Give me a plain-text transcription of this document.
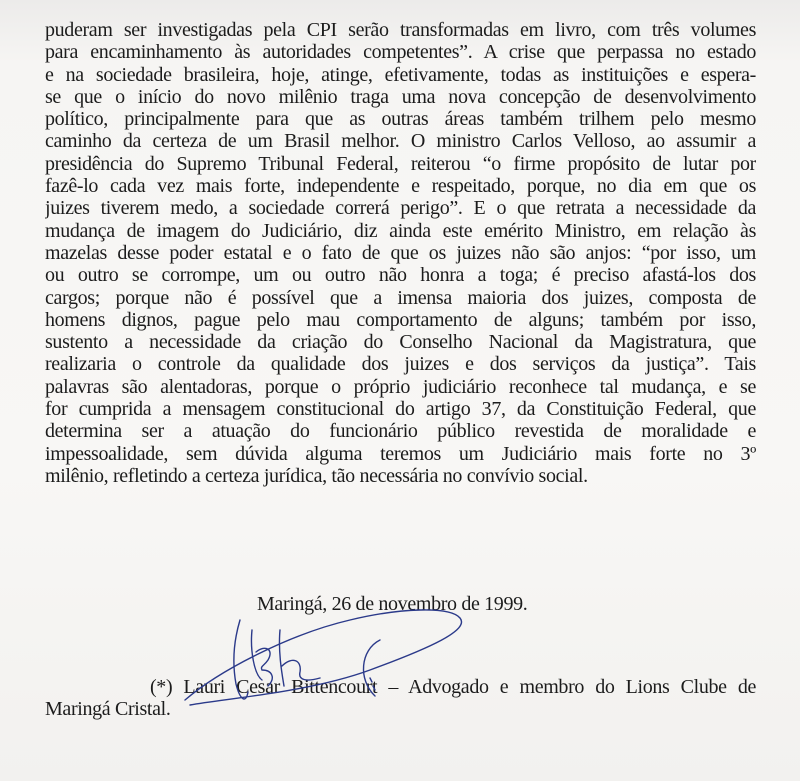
puderam ser investigadas pela CPI serão transformadas em livro, com três volumes
para encaminhamento às autoridades competentes”. A crise que perpassa no estado
e na sociedade brasileira, hoje, atinge, efetivamente, todas as instituições e espera-
se que o início do novo milênio traga uma nova concepção de desenvolvimento
político, principalmente para que as outras áreas também trilhem pelo mesmo
caminho da certeza de um Brasil melhor. O ministro Carlos Velloso, ao assumir a
presidência do Supremo Tribunal Federal, reiterou “o firme propósito de lutar por
fazê-lo cada vez mais forte, independente e respeitado, porque, no dia em que os
juizes tiverem medo, a sociedade correrá perigo”. E o que retrata a necessidade da
mudança de imagem do Judiciário, diz ainda este emérito Ministro, em relação às
mazelas desse poder estatal e o fato de que os juizes não são anjos: “por isso, um
ou outro se corrompe, um ou outro não honra a toga; é preciso afastá-los dos
cargos; porque não é possível que a imensa maioria dos juizes, composta de
homens dignos, pague pelo mau comportamento de alguns; também por isso,
sustento a necessidade da criação do Conselho Nacional da Magistratura, que
realizaria o controle da qualidade dos juizes e dos serviços da justiça”. Tais
palavras são alentadoras, porque o próprio judiciário reconhece tal mudança, e se
for cumprida a mensagem constitucional do artigo 37, da Constituição Federal, que
determina ser a atuação do funcionário público revestida de moralidade e
impessoalidade, sem dúvida alguma teremos um Judiciário mais forte no 3º
milênio, refletindo a certeza jurídica, tão necessária no convívio social.
Maringá, 26 de novembro de 1999.
(*) Lauri Cesar Bittencourt – Advogado e membro do Lions Clube de
Maringá Cristal.
